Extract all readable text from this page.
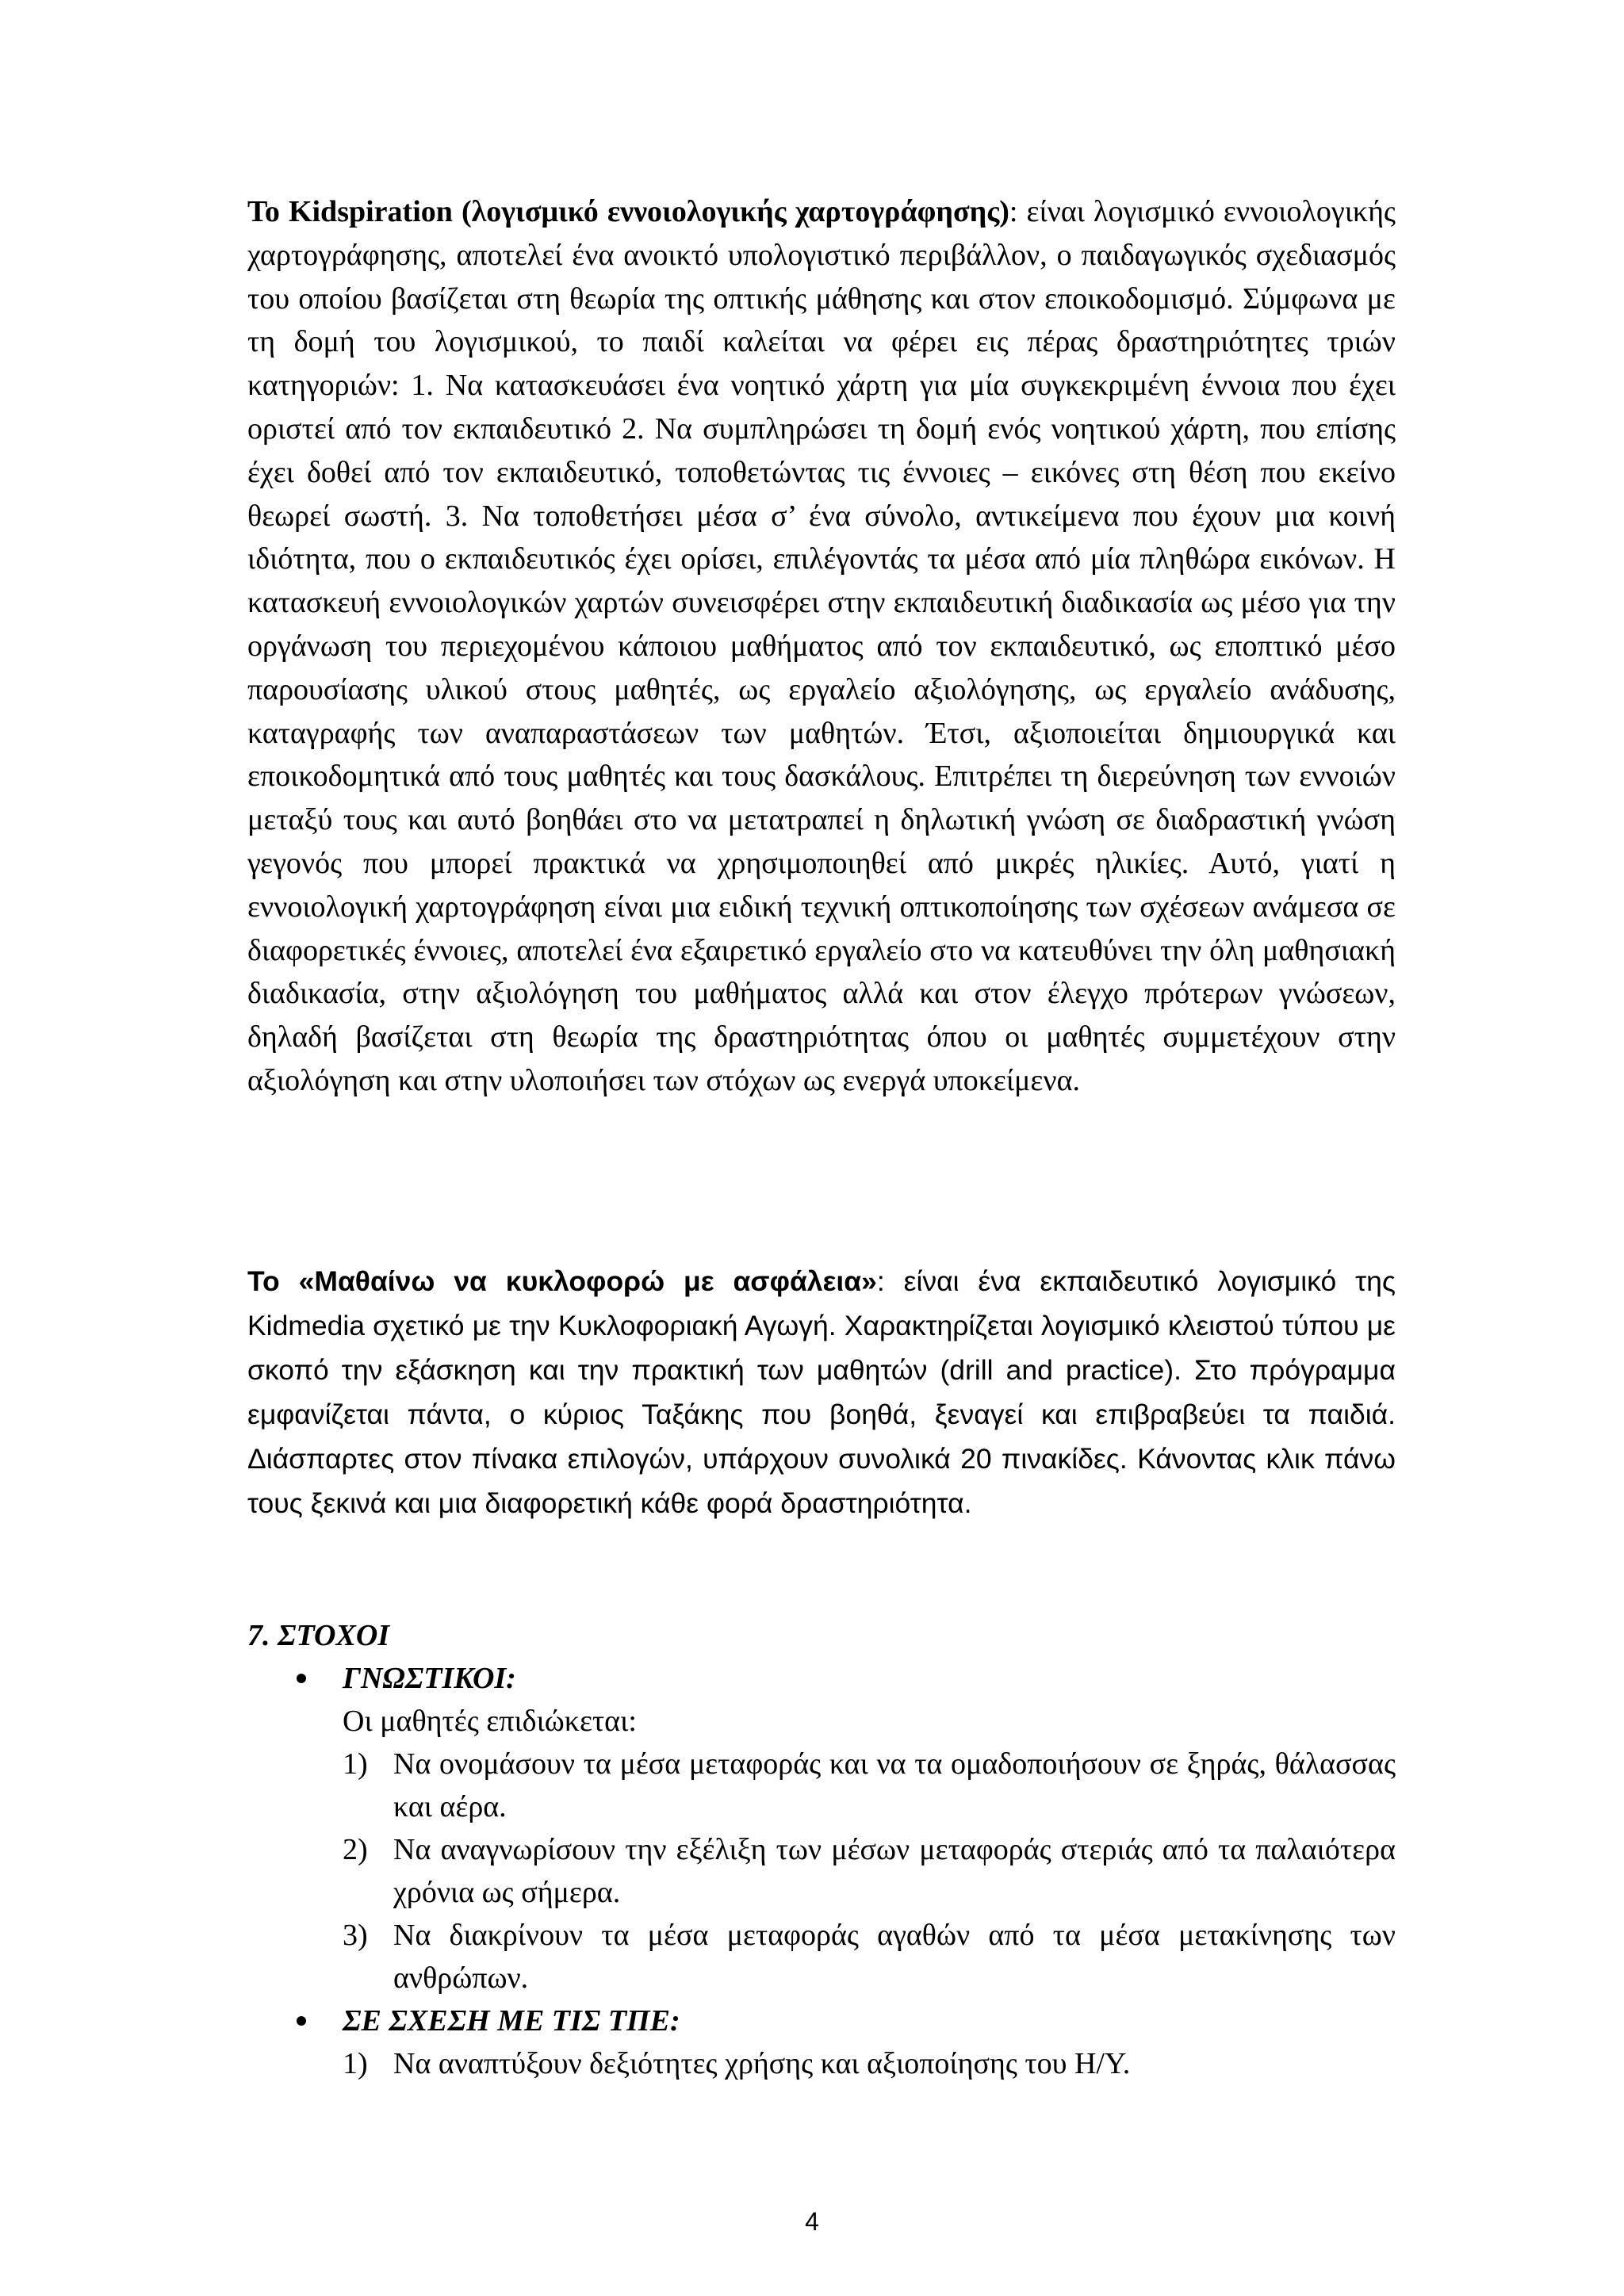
Το Kidspiration (λογισμικό εννοιολογικής χαρτογράφησης): είναι λογισμικό εννοιολογικής χαρτογράφησης, αποτελεί ένα ανοικτό υπολογιστικό περιβάλλον, ο παιδαγωγικός σχεδιασμός του οποίου βασίζεται στη θεωρία της οπτικής μάθησης και στον εποικοδομισμό. Σύμφωνα με τη δομή του λογισμικού, το παιδί καλείται να φέρει εις πέρας δραστηριότητες τριών κατηγοριών: 1. Να κατασκευάσει ένα νοητικό χάρτη για μία συγκεκριμένη έννοια που έχει οριστεί από τον εκπαιδευτικό 2. Να συμπληρώσει τη δομή ενός νοητικού χάρτη, που επίσης έχει δοθεί από τον εκπαιδευτικό, τοποθετώντας τις έννοιες – εικόνες στη θέση που εκείνο θεωρεί σωστή. 3. Να τοποθετήσει μέσα σ’ ένα σύνολο, αντικείμενα που έχουν μια κοινή ιδιότητα, που ο εκπαιδευτικός έχει ορίσει, επιλέγοντάς τα μέσα από μία πληθώρα εικόνων. Η κατασκευή εννοιολογικών χαρτών συνεισφέρει στην εκπαιδευτική διαδικασία ως μέσο για την οργάνωση του περιεχομένου κάποιου μαθήματος από τον εκπαιδευτικό, ως εποπτικό μέσο παρουσίασης υλικού στους μαθητές, ως εργαλείο αξιολόγησης, ως εργαλείο ανάδυσης, καταγραφής των αναπαραστάσεων των μαθητών. Έτσι, αξιοποιείται δημιουργικά και εποικοδομητικά από τους μαθητές και τους δασκάλους. Επιτρέπει τη διερεύνηση των εννοιών μεταξύ τους και αυτό βοηθάει στο να μετατραπεί η δηλωτική γνώση σε διαδραστική γνώση γεγονός που μπορεί πρακτικά να χρησιμοποιηθεί από μικρές ηλικίες. Αυτό, γιατί η εννοιολογική χαρτογράφηση είναι μια ειδική τεχνική οπτικοποίησης των σχέσεων ανάμεσα σε διαφορετικές έννοιες, αποτελεί ένα εξαιρετικό εργαλείο στο να κατευθύνει την όλη μαθησιακή διαδικασία, στην αξιολόγηση του μαθήματος αλλά και στον έλεγχο πρότερων γνώσεων, δηλαδή βασίζεται στη θεωρία της δραστηριότητας όπου οι μαθητές συμμετέχουν στην αξιολόγηση και στην υλοποιήσει των στόχων ως ενεργά υποκείμενα.

Το «Μαθαίνω να κυκλοφορώ με ασφάλεια»: είναι ένα εκπαιδευτικό λογισμικό της Kidmedia σχετικό με την Κυκλοφοριακή Αγωγή. Χαρακτηρίζεται λογισμικό κλειστού τύπου με σκοπό την εξάσκηση και την πρακτική των μαθητών (drill and practice). Στο πρόγραμμα εμφανίζεται πάντα, ο κύριος Ταξάκης που βοηθά, ξεναγεί και επιβραβεύει τα παιδιά. Διάσπαρτες στον πίνακα επιλογών, υπάρχουν συνολικά 20 πινακίδες. Κάνοντας κλικ πάνω τους ξεκινά και μια διαφορετική κάθε φορά δραστηριότητα.

7. ΣΤΟΧΟΙ

ΓΝΩΣΤΙΚΟΙ:

Οι μαθητές επιδιώκεται:

1) Να ονομάσουν τα μέσα μεταφοράς και να τα ομαδοποιήσουν σε ξηράς, θάλασσας και αέρα.
2) Να αναγνωρίσουν την εξέλιξη των μέσων μεταφοράς στεριάς από τα παλαιότερα χρόνια ως σήμερα.
3) Να διακρίνουν τα μέσα μεταφοράς αγαθών από τα μέσα μετακίνησης των ανθρώπων.
ΣΕ ΣΧΕΣΗ ΜΕ ΤΙΣ ΤΠΕ:
1) Να αναπτύξουν δεξιότητες χρήσης και αξιοποίησης του Η/Υ.
4
